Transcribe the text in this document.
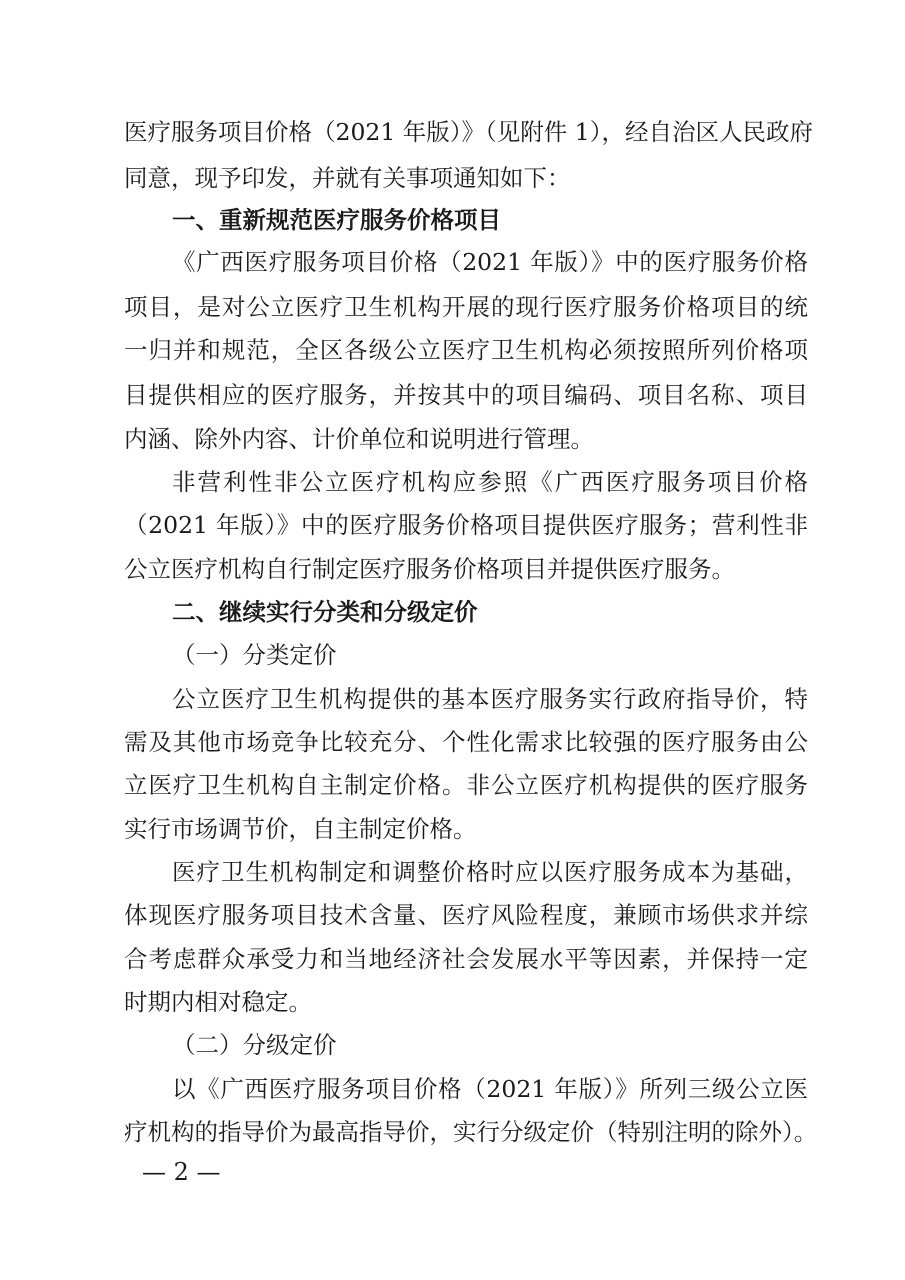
医疗服务项目价格（2021 年版）》（见附件 1），经自治区人民政府
同意，现予印发，并就有关事项通知如下：
一、重新规范医疗服务价格项目
《广西医疗服务项目价格（2021 年版）》中的医疗服务价格
项目，是对公立医疗卫生机构开展的现行医疗服务价格项目的统
一归并和规范，全区各级公立医疗卫生机构必须按照所列价格项
目提供相应的医疗服务，并按其中的项目编码、项目名称、项目
内涵、除外内容、计价单位和说明进行管理。
非营利性非公立医疗机构应参照《广西医疗服务项目价格
（2021 年版）》中的医疗服务价格项目提供医疗服务；营利性非
公立医疗机构自行制定医疗服务价格项目并提供医疗服务。
二、继续实行分类和分级定价
（一）分类定价
公立医疗卫生机构提供的基本医疗服务实行政府指导价，特
需及其他市场竞争比较充分、个性化需求比较强的医疗服务由公
立医疗卫生机构自主制定价格。非公立医疗机构提供的医疗服务
实行市场调节价，自主制定价格。
医疗卫生机构制定和调整价格时应以医疗服务成本为基础，
体现医疗服务项目技术含量、医疗风险程度，兼顾市场供求并综
合考虑群众承受力和当地经济社会发展水平等因素，并保持一定
时期内相对稳定。
（二）分级定价
以《广西医疗服务项目价格（2021 年版）》所列三级公立医
疗机构的指导价为最高指导价，实行分级定价（特别注明的除外）。
— 2 —
